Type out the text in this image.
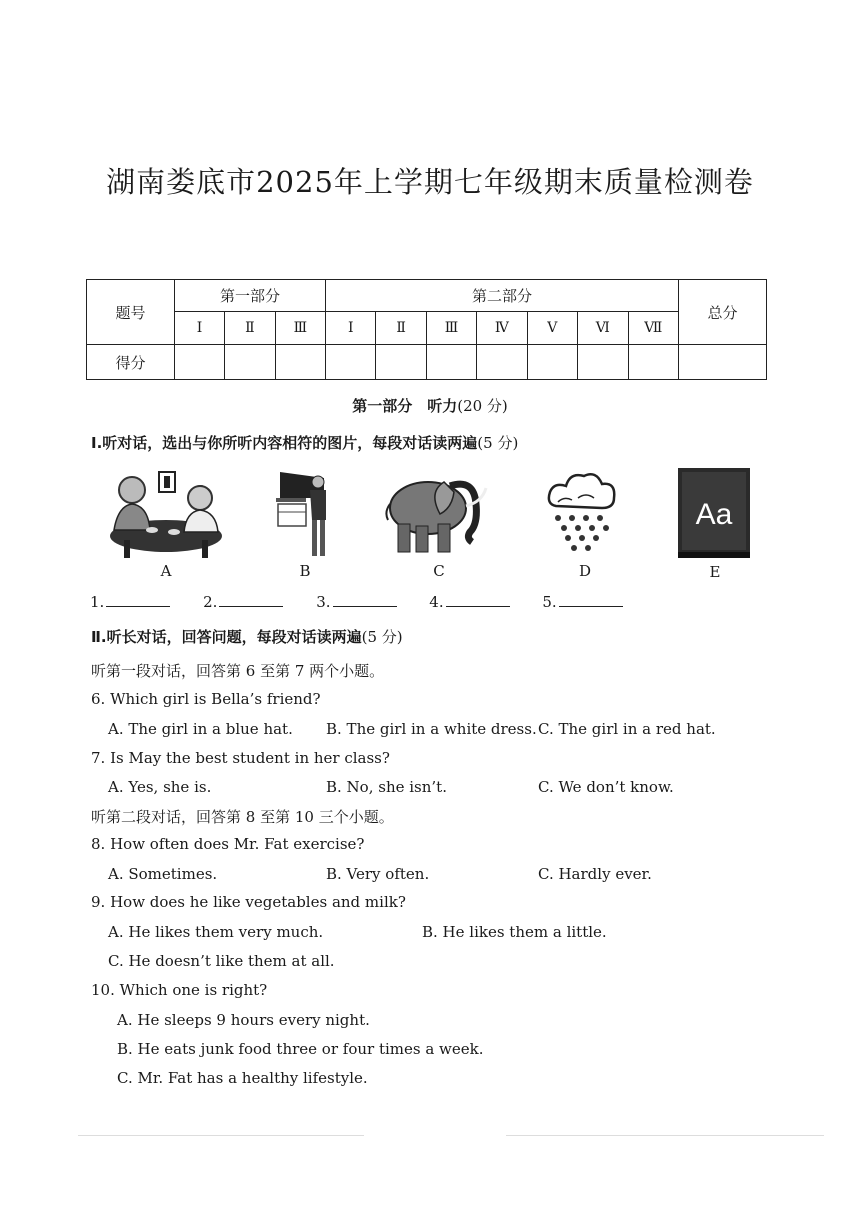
湖南娄底市2025年上学期七年级期末质量检测卷
题号	第一部分			第二部分							总分
	Ⅰ	Ⅱ	Ⅲ	Ⅰ	Ⅱ	Ⅲ	Ⅳ	Ⅴ	Ⅵ	Ⅶ	
得分											
第一部分　听力(20 分)
Ⅰ.听对话，选出与你所听内容相符的图片，每段对话读两遍(5 分)
A	B	C	D
Aa
E
1.	2.	3.	4.	5.
Ⅱ.听长对话，回答问题，每段对话读两遍(5 分)
听第一段对话，回答第 6 至第 7 两个小题。
6. Which girl is Bella’s friend?
A. The girl in a blue hat. B. The girl in a white dress. C. The girl in a red hat.
7. Is May the best student in her class?
A. Yes, she is.	B. No, she isn’t.	C. We don’t know.
听第二段对话，回答第 8 至第 10 三个小题。
8. How often does Mr. Fat exercise?
A. Sometimes.	B. Very often.	C. Hardly ever.
9. How does he like vegetables and milk?
A. He likes them very much.	B. He likes them a little.
C. He doesn’t like them at all.
10. Which one is right?
A. He sleeps 9 hours every night.
B. He eats junk food three or four times a week.
C. Mr. Fat has a healthy lifestyle.
